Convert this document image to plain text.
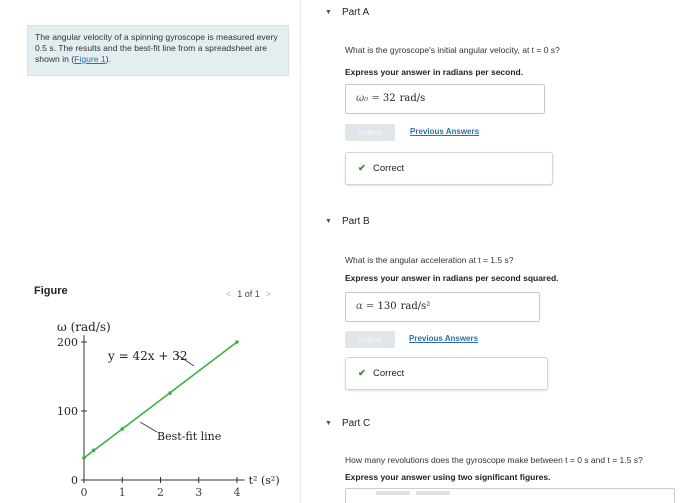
The angular velocity of a spinning gyroscope is measured every 0.5 s. The results and the best-fit line from a spreadsheet are shown in (Figure 1).
Figure	< 1 of 1 >
ω (rad/s)
0
100
200
0	1	2	3	4
y = 42x + 32
Best-fit line
t² (s²)
▼ Part A
What is the gyroscope's initial angular velocity, at t = 0 s?
Express your answer in radians per second.
ω₀ = 32 rad/s
Submit	Previous Answers
✔ Correct
▼ Part B
What is the angular acceleration at t = 1.5 s?
Express your answer in radians per second squared.
α = 130 rad/s²
Submit	Previous Answers
✔ Correct
▼ Part C
How many revolutions does the gyroscope make between t = 0 s and t = 1.5 s?
Express your answer using two significant figures.
